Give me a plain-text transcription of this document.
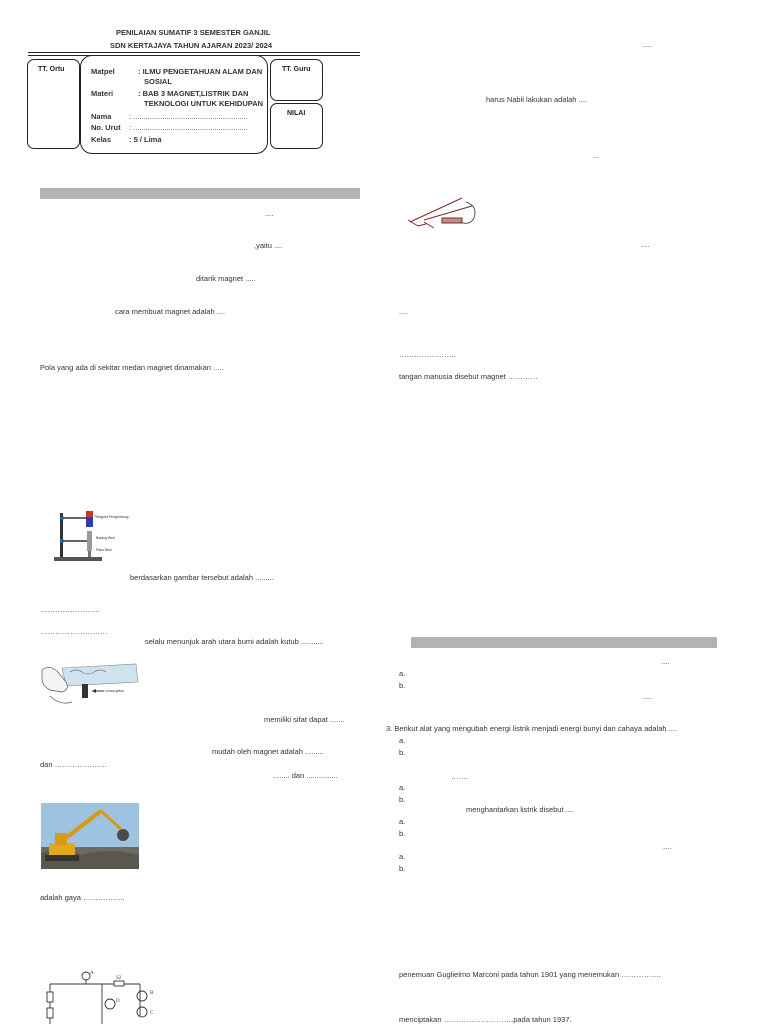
PENILAIAN SUMATIF 3 SEMESTER GANJIL
SDN KERTAJAYA TAHUN AJARAN 2023/ 2024
TT. Ortu	Matpel	: ILMU PENGETAHUAN ALAM DAN
SOSIAL
Materi	: BAB 3 MAGNET,LISTRIK DAN
TEKNOLOGI UNTUK KEHIDUPAN
Nama : .......................................................
No. Urut : .......................................................
Kelas : 5 / Lima
TT. Guru
NILAI
....
,yaitu ....
ditarik magnet .....
cara membuat magnet adalah ....
Pola yang ada di sekitar medan magnet dinamakan .....
Magnet Penghubung
Batang Besi
Paku Besi
berdasarkan gambar tersebut adalah .........
……………………
………………………
selalu menunjuk arah utara bumi adalah kutub ...........
Lensa gelas
memiliki sifat dapat .......
mudah oleh magnet adalah .........
dan …………………
........ dan ...............
adalah gaya ……………..
A
S2
D
B
C
....
harus Nabil lakukan adalah ....
...
....
....
…………………..
tangan manusia disebut magnet …………
....
a.
b.
....
3. Berikut alat yang mengubah energi listrik menjadi energi bunyi dan cahaya adalah ....
a.
b.
…….
a.
b.
menghantarkan listrik disebut ....
a.
b.
....
a.
b.
penemuan Guglielmo Marconi pada tahun 1901 yang menemukan …………….
menciptakan ……………………….pada tahun 1937.
